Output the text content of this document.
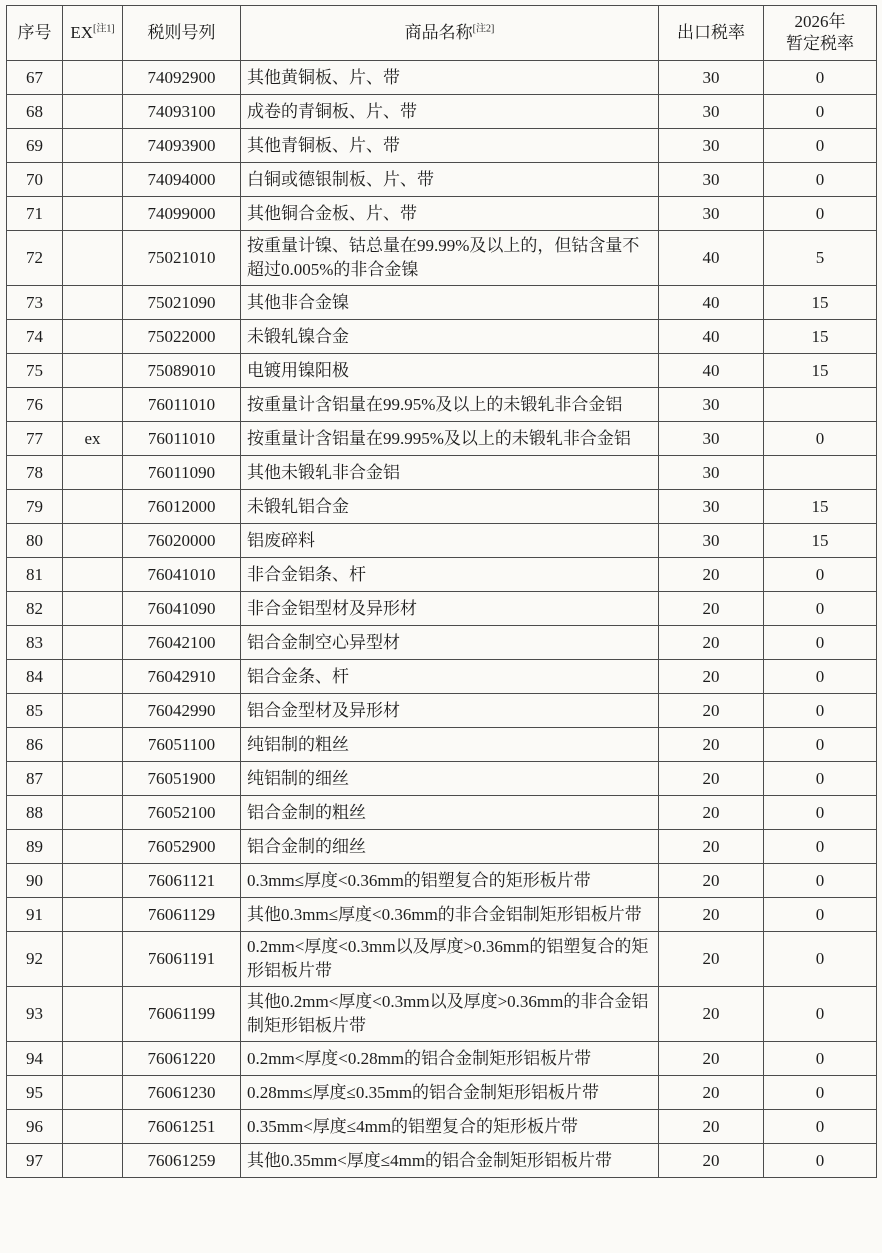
序号	EX[注1]	税则号列	商品名称[注2]	出口税率	2026年
暂定税率

67		74092900	其他黄铜板、片、带	30	0
68		74093100	成卷的青铜板、片、带	30	0
69		74093900	其他青铜板、片、带	30	0
70		74094000	白铜或德银制板、片、带	30	0
71		74099000	其他铜合金板、片、带	30	0
72		75021010	按重量计镍、钴总量在99.99%及以上的，但钴含量不超过0.005%的非合金镍	40	5
73		75021090	其他非合金镍	40	15
74		75022000	未锻轧镍合金	40	15
75		75089010	电镀用镍阳极	40	15
76		76011010	按重量计含铝量在99.95%及以上的未锻轧非合金铝	30	
77	ex	76011010	按重量计含铝量在99.995%及以上的未锻轧非合金铝	30	0
78		76011090	其他未锻轧非合金铝	30	
79		76012000	未锻轧铝合金	30	15
80		76020000	铝废碎料	30	15
81		76041010	非合金铝条、杆	20	0
82		76041090	非合金铝型材及异形材	20	0
83		76042100	铝合金制空心异型材	20	0
84		76042910	铝合金条、杆	20	0
85		76042990	铝合金型材及异形材	20	0
86		76051100	纯铝制的粗丝	20	0
87		76051900	纯铝制的细丝	20	0
88		76052100	铝合金制的粗丝	20	0
89		76052900	铝合金制的细丝	20	0
90		76061121	0.3mm≤厚度<0.36mm的铝塑复合的矩形板片带	20	0
91		76061129	其他0.3mm≤厚度<0.36mm的非合金铝制矩形铝板片带	20	0
92		76061191	0.2mm<厚度<0.3mm以及厚度>0.36mm的铝塑复合的矩形铝板片带	20	0
93		76061199	其他0.2mm<厚度<0.3mm以及厚度>0.36mm的非合金铝制矩形铝板片带	20	0
94		76061220	0.2mm<厚度<0.28mm的铝合金制矩形铝板片带	20	0
95		76061230	0.28mm≤厚度≤0.35mm的铝合金制矩形铝板片带	20	0
96		76061251	0.35mm<厚度≤4mm的铝塑复合的矩形板片带	20	0
97		76061259	其他0.35mm<厚度≤4mm的铝合金制矩形铝板片带	20	0
